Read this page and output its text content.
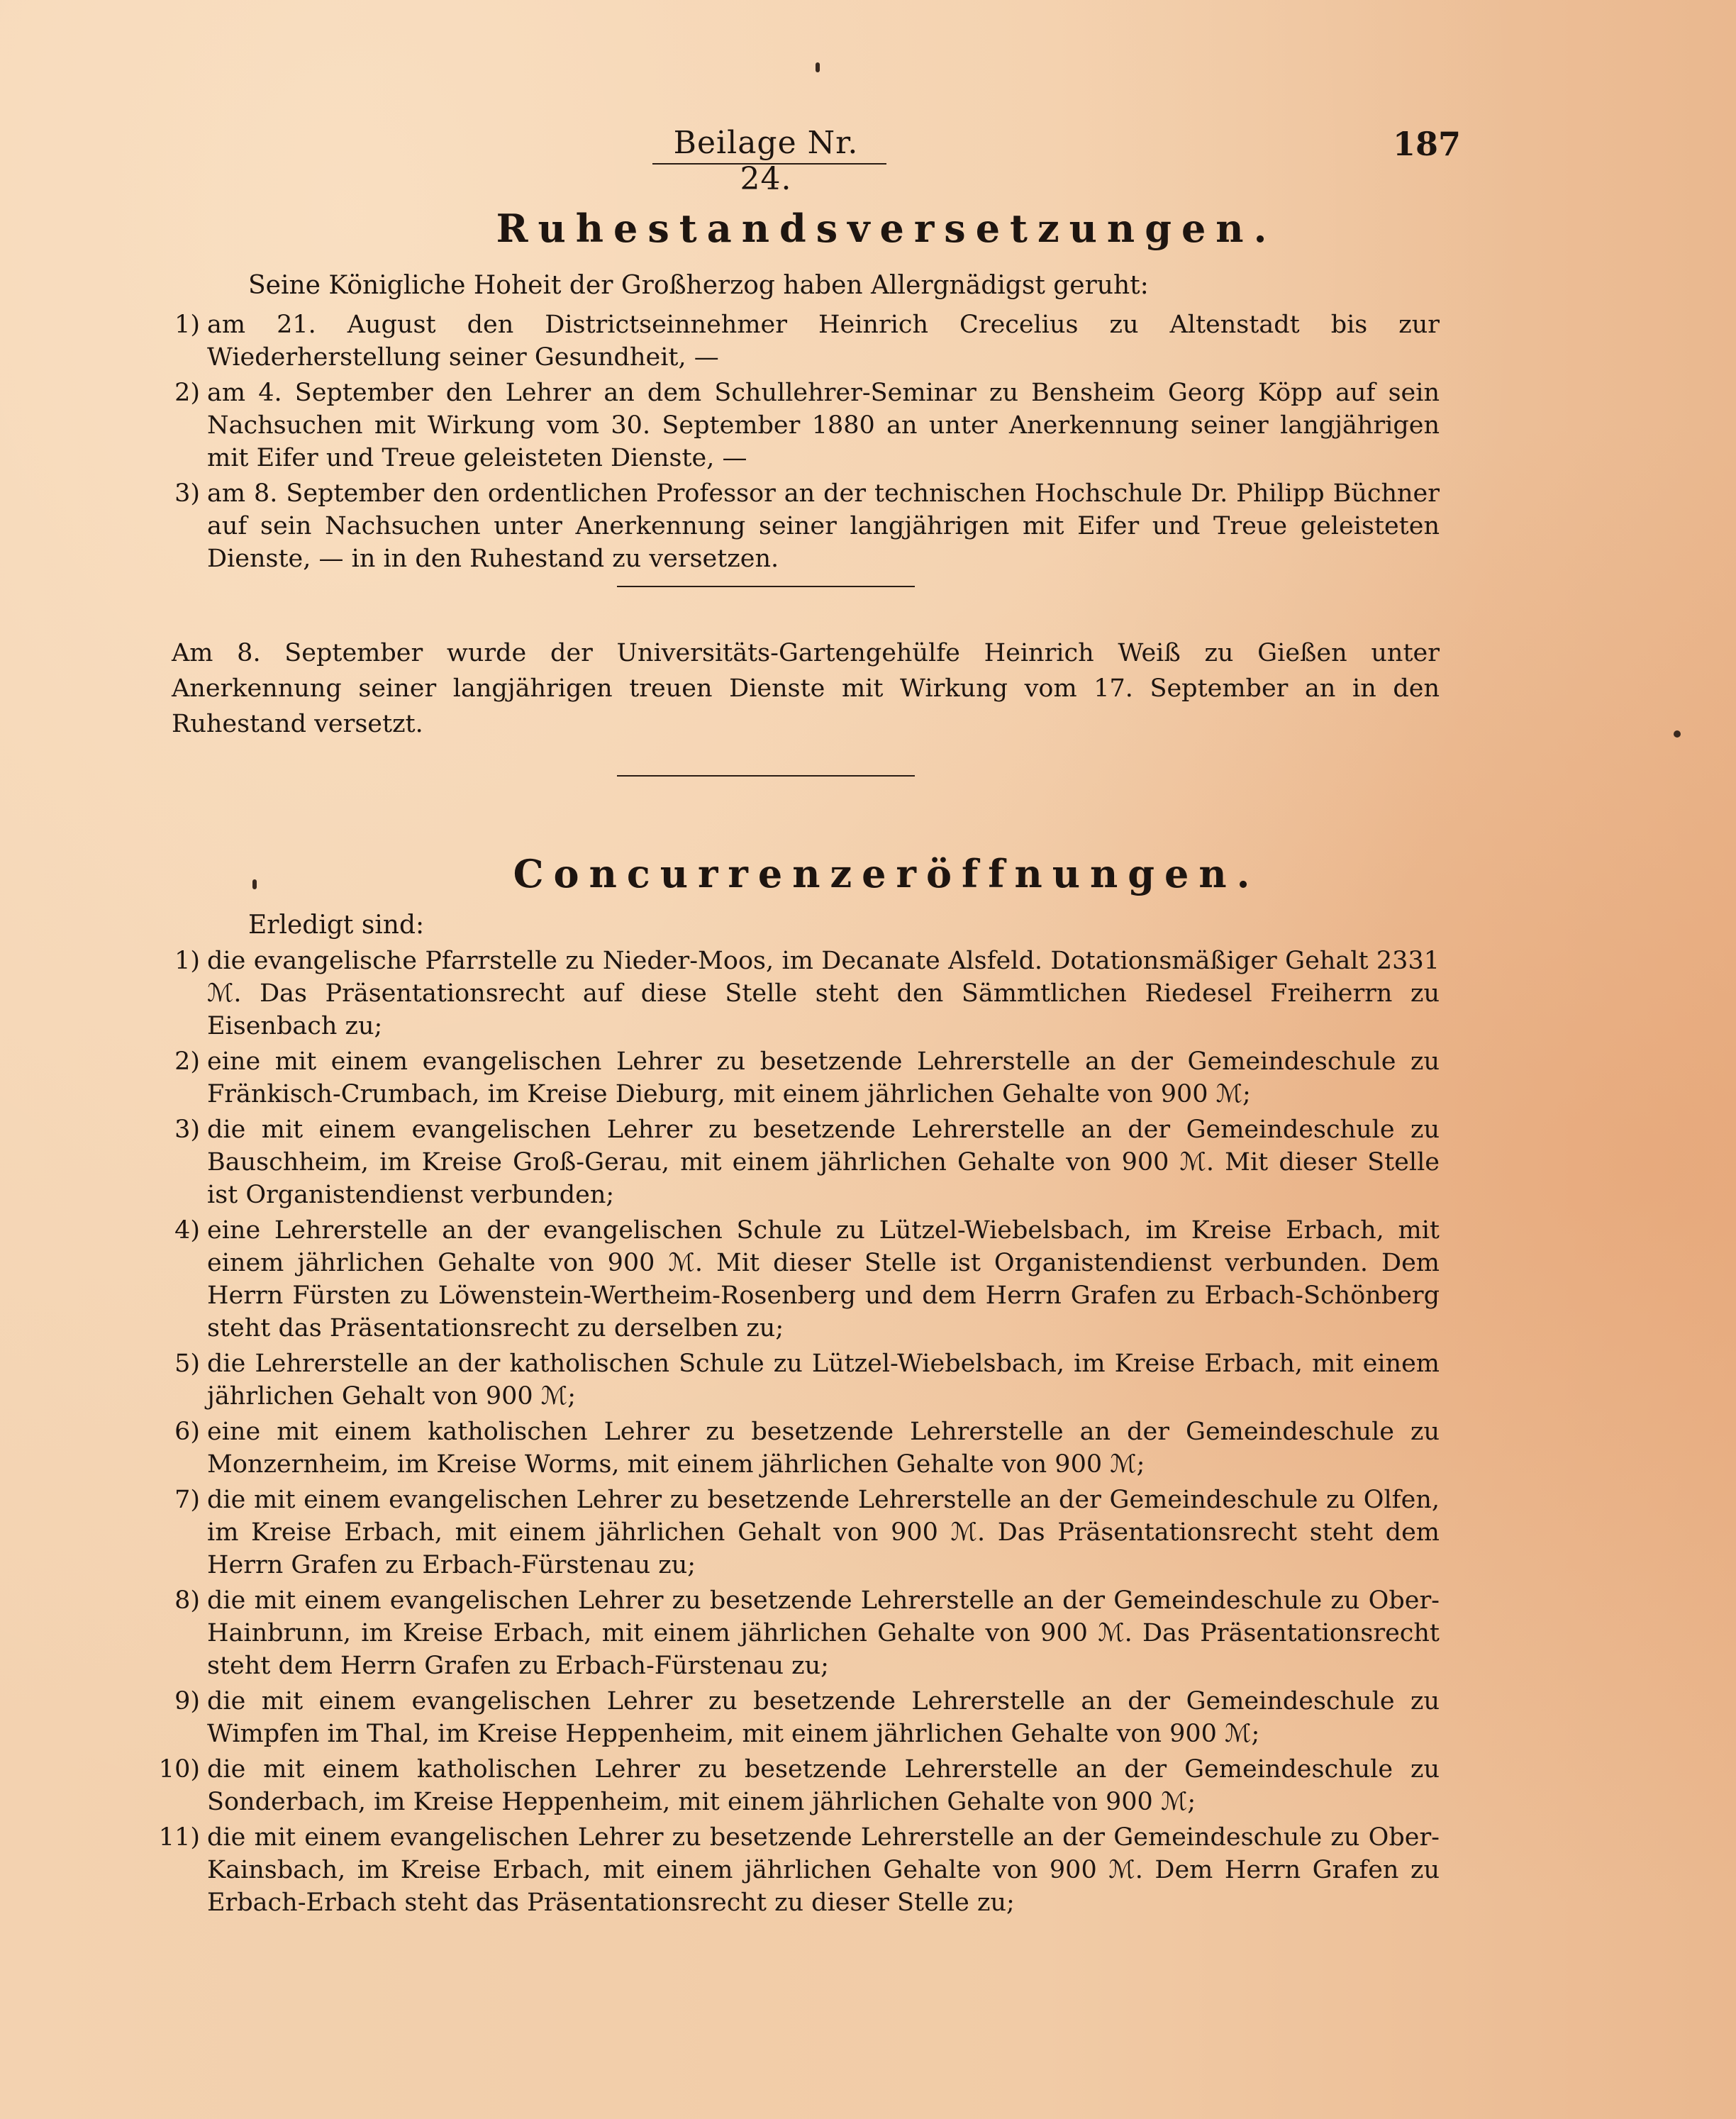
Beilage Nr. 24.
187
Ruhestandsversetzungen.
Seine Königliche Hoheit der Großherzog haben Allergnädigst geruht:
1) am 21. August den Districtseinnehmer Heinrich Crecelius zu Altenstadt bis zur Wiederherstellung seiner Gesundheit, —
2) am 4. September den Lehrer an dem Schullehrer-Seminar zu Bensheim Georg Köpp auf sein Nachsuchen mit Wirkung vom 30. September 1880 an unter Anerkennung seiner langjährigen mit Eifer und Treue geleisteten Dienste, —
3) am 8. September den ordentlichen Professor an der technischen Hochschule Dr. Philipp Büchner auf sein Nachsuchen unter Anerkennung seiner langjährigen mit Eifer und Treue geleisteten Dienste, — in in den Ruhestand zu versetzen.
Am 8. September wurde der Universitäts-Gartengehülfe Heinrich Weiß zu Gießen unter Anerkennung seiner langjährigen treuen Dienste mit Wirkung vom 17. September an in den Ruhestand versetzt.
Concurrenzeröffnungen.
Erledigt sind:
1) die evangelische Pfarrstelle zu Nieder-Moos, im Decanate Alsfeld. Dotationsmäßiger Gehalt 2331 ℳ. Das Präsentationsrecht auf diese Stelle steht den Sämmtlichen Riedesel Freiherrn zu Eisenbach zu;
2) eine mit einem evangelischen Lehrer zu besetzende Lehrerstelle an der Gemeindeschule zu Fränkisch-Crumbach, im Kreise Dieburg, mit einem jährlichen Gehalte von 900 ℳ;
3) die mit einem evangelischen Lehrer zu besetzende Lehrerstelle an der Gemeindeschule zu Bauschheim, im Kreise Groß-Gerau, mit einem jährlichen Gehalte von 900 ℳ. Mit dieser Stelle ist Organistendienst verbunden;
4) eine Lehrerstelle an der evangelischen Schule zu Lützel-Wiebelsbach, im Kreise Erbach, mit einem jährlichen Gehalte von 900 ℳ. Mit dieser Stelle ist Organistendienst verbunden. Dem Herrn Fürsten zu Löwenstein-Wertheim-Rosenberg und dem Herrn Grafen zu Erbach-Schönberg steht das Präsentationsrecht zu derselben zu;
5) die Lehrerstelle an der katholischen Schule zu Lützel-Wiebelsbach, im Kreise Erbach, mit einem jährlichen Gehalt von 900 ℳ;
6) eine mit einem katholischen Lehrer zu besetzende Lehrerstelle an der Gemeindeschule zu Monzernheim, im Kreise Worms, mit einem jährlichen Gehalte von 900 ℳ;
7) die mit einem evangelischen Lehrer zu besetzende Lehrerstelle an der Gemeindeschule zu Olfen, im Kreise Erbach, mit einem jährlichen Gehalt von 900 ℳ. Das Präsentationsrecht steht dem Herrn Grafen zu Erbach-Fürstenau zu;
8) die mit einem evangelischen Lehrer zu besetzende Lehrerstelle an der Gemeindeschule zu Ober-Hainbrunn, im Kreise Erbach, mit einem jährlichen Gehalte von 900 ℳ. Das Präsentationsrecht steht dem Herrn Grafen zu Erbach-Fürstenau zu;
9) die mit einem evangelischen Lehrer zu besetzende Lehrerstelle an der Gemeindeschule zu Wimpfen im Thal, im Kreise Heppenheim, mit einem jährlichen Gehalte von 900 ℳ;
10) die mit einem katholischen Lehrer zu besetzende Lehrerstelle an der Gemeindeschule zu Sonderbach, im Kreise Heppenheim, mit einem jährlichen Gehalte von 900 ℳ;
11) die mit einem evangelischen Lehrer zu besetzende Lehrerstelle an der Gemeindeschule zu Ober-Kainsbach, im Kreise Erbach, mit einem jährlichen Gehalte von 900 ℳ. Dem Herrn Grafen zu Erbach-Erbach steht das Präsentationsrecht zu dieser Stelle zu;
